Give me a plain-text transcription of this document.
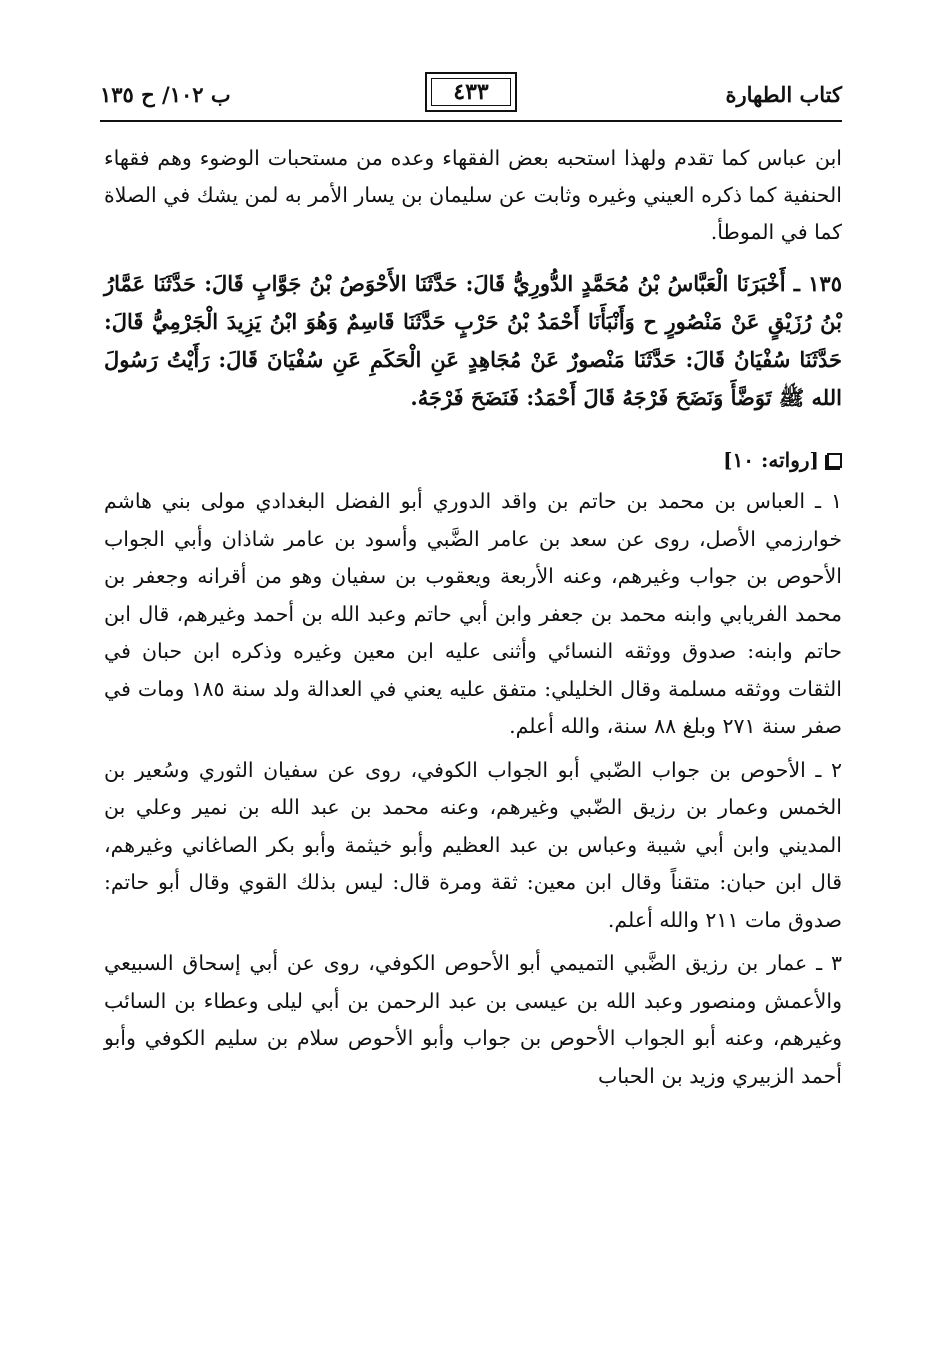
كتاب الطهارة
٤٣٣
ب ١٠٢/ ح ١٣٥

ابن عباس كما تقدم ولهذا استحبه بعض الفقهاء وعده من مستحبات الوضوء وهم فقهاء الحنفية كما ذكره العيني وغيره وثابت عن سليمان بن يسار الأمر به لمن يشك في الصلاة كما في الموطأ.

١٣٥ ـ أَخْبَرَنَا الْعَبَّاسُ بْنُ مُحَمَّدٍ الدُّورِيُّ قَالَ: حَدَّثَنَا الأَحْوَصُ بْنُ جَوَّابٍ قَالَ: حَدَّثَنَا عَمَّارُ بْنُ رُزَيْقٍ عَنْ مَنْصُورٍ ح وَأَنْبَأَنَا أَحْمَدُ بْنُ حَرْبٍ حَدَّثَنَا قَاسِمٌ وَهُوَ ابْنُ يَزِيدَ الْجَرْمِيُّ قَالَ: حَدَّثَنَا سُفْيَانُ قَالَ: حَدَّثَنَا مَنْصورٌ عَنْ مُجَاهِدٍ عَنِ الْحَكَمِ عَنِ سُفْيَانَ قَالَ: رَأَيْتُ رَسُولَ الله ﷺ تَوَضَّأَ وَنَضَحَ فَرْجَهُ قَالَ أَحْمَدُ: فَنَضَحَ فَرْجَهُ.

[رواته: ١٠]

١ ـ العباس بن محمد بن حاتم بن واقد الدوري أبو الفضل البغدادي مولى بني هاشم خوارزمي الأصل، روى عن سعد بن عامر الضَّبي وأسود بن عامر شاذان وأبي الجواب الأحوص بن جواب وغيرهم، وعنه الأربعة ويعقوب بن سفيان وهو من أقرانه وجعفر بن محمد الفريابي وابنه محمد بن جعفر وابن أبي حاتم وعبد الله بن أحمد وغيرهم، قال ابن حاتم وابنه: صدوق ووثقه النسائي وأثنى عليه ابن معين وغيره وذكره ابن حبان في الثقات ووثقه مسلمة وقال الخليلي: متفق عليه يعني في العدالة ولد سنة ١٨٥ ومات في صفر سنة ٢٧١ وبلغ ٨٨ سنة، والله أعلم.

٢ ـ الأحوص بن جواب الضّبي أبو الجواب الكوفي، روى عن سفيان الثوري وسُعير بن الخمس وعمار بن رزيق الضّبي وغيرهم، وعنه محمد بن عبد الله بن نمير وعلي بن المديني وابن أبي شيبة وعباس بن عبد العظيم وأبو خيثمة وأبو بكر الصاغاني وغيرهم، قال ابن حبان: متقناً وقال ابن معين: ثقة ومرة قال: ليس بذلك القوي وقال أبو حاتم: صدوق مات ٢١١ والله أعلم.

٣ ـ عمار بن رزيق الضَّبي التميمي أبو الأحوص الكوفي، روى عن أبي إسحاق السبيعي والأعمش ومنصور وعبد الله بن عيسى بن عبد الرحمن بن أبي ليلى وعطاء بن السائب وغيرهم، وعنه أبو الجواب الأحوص بن جواب وأبو الأحوص سلام بن سليم الكوفي وأبو أحمد الزبيري وزيد بن الحباب
